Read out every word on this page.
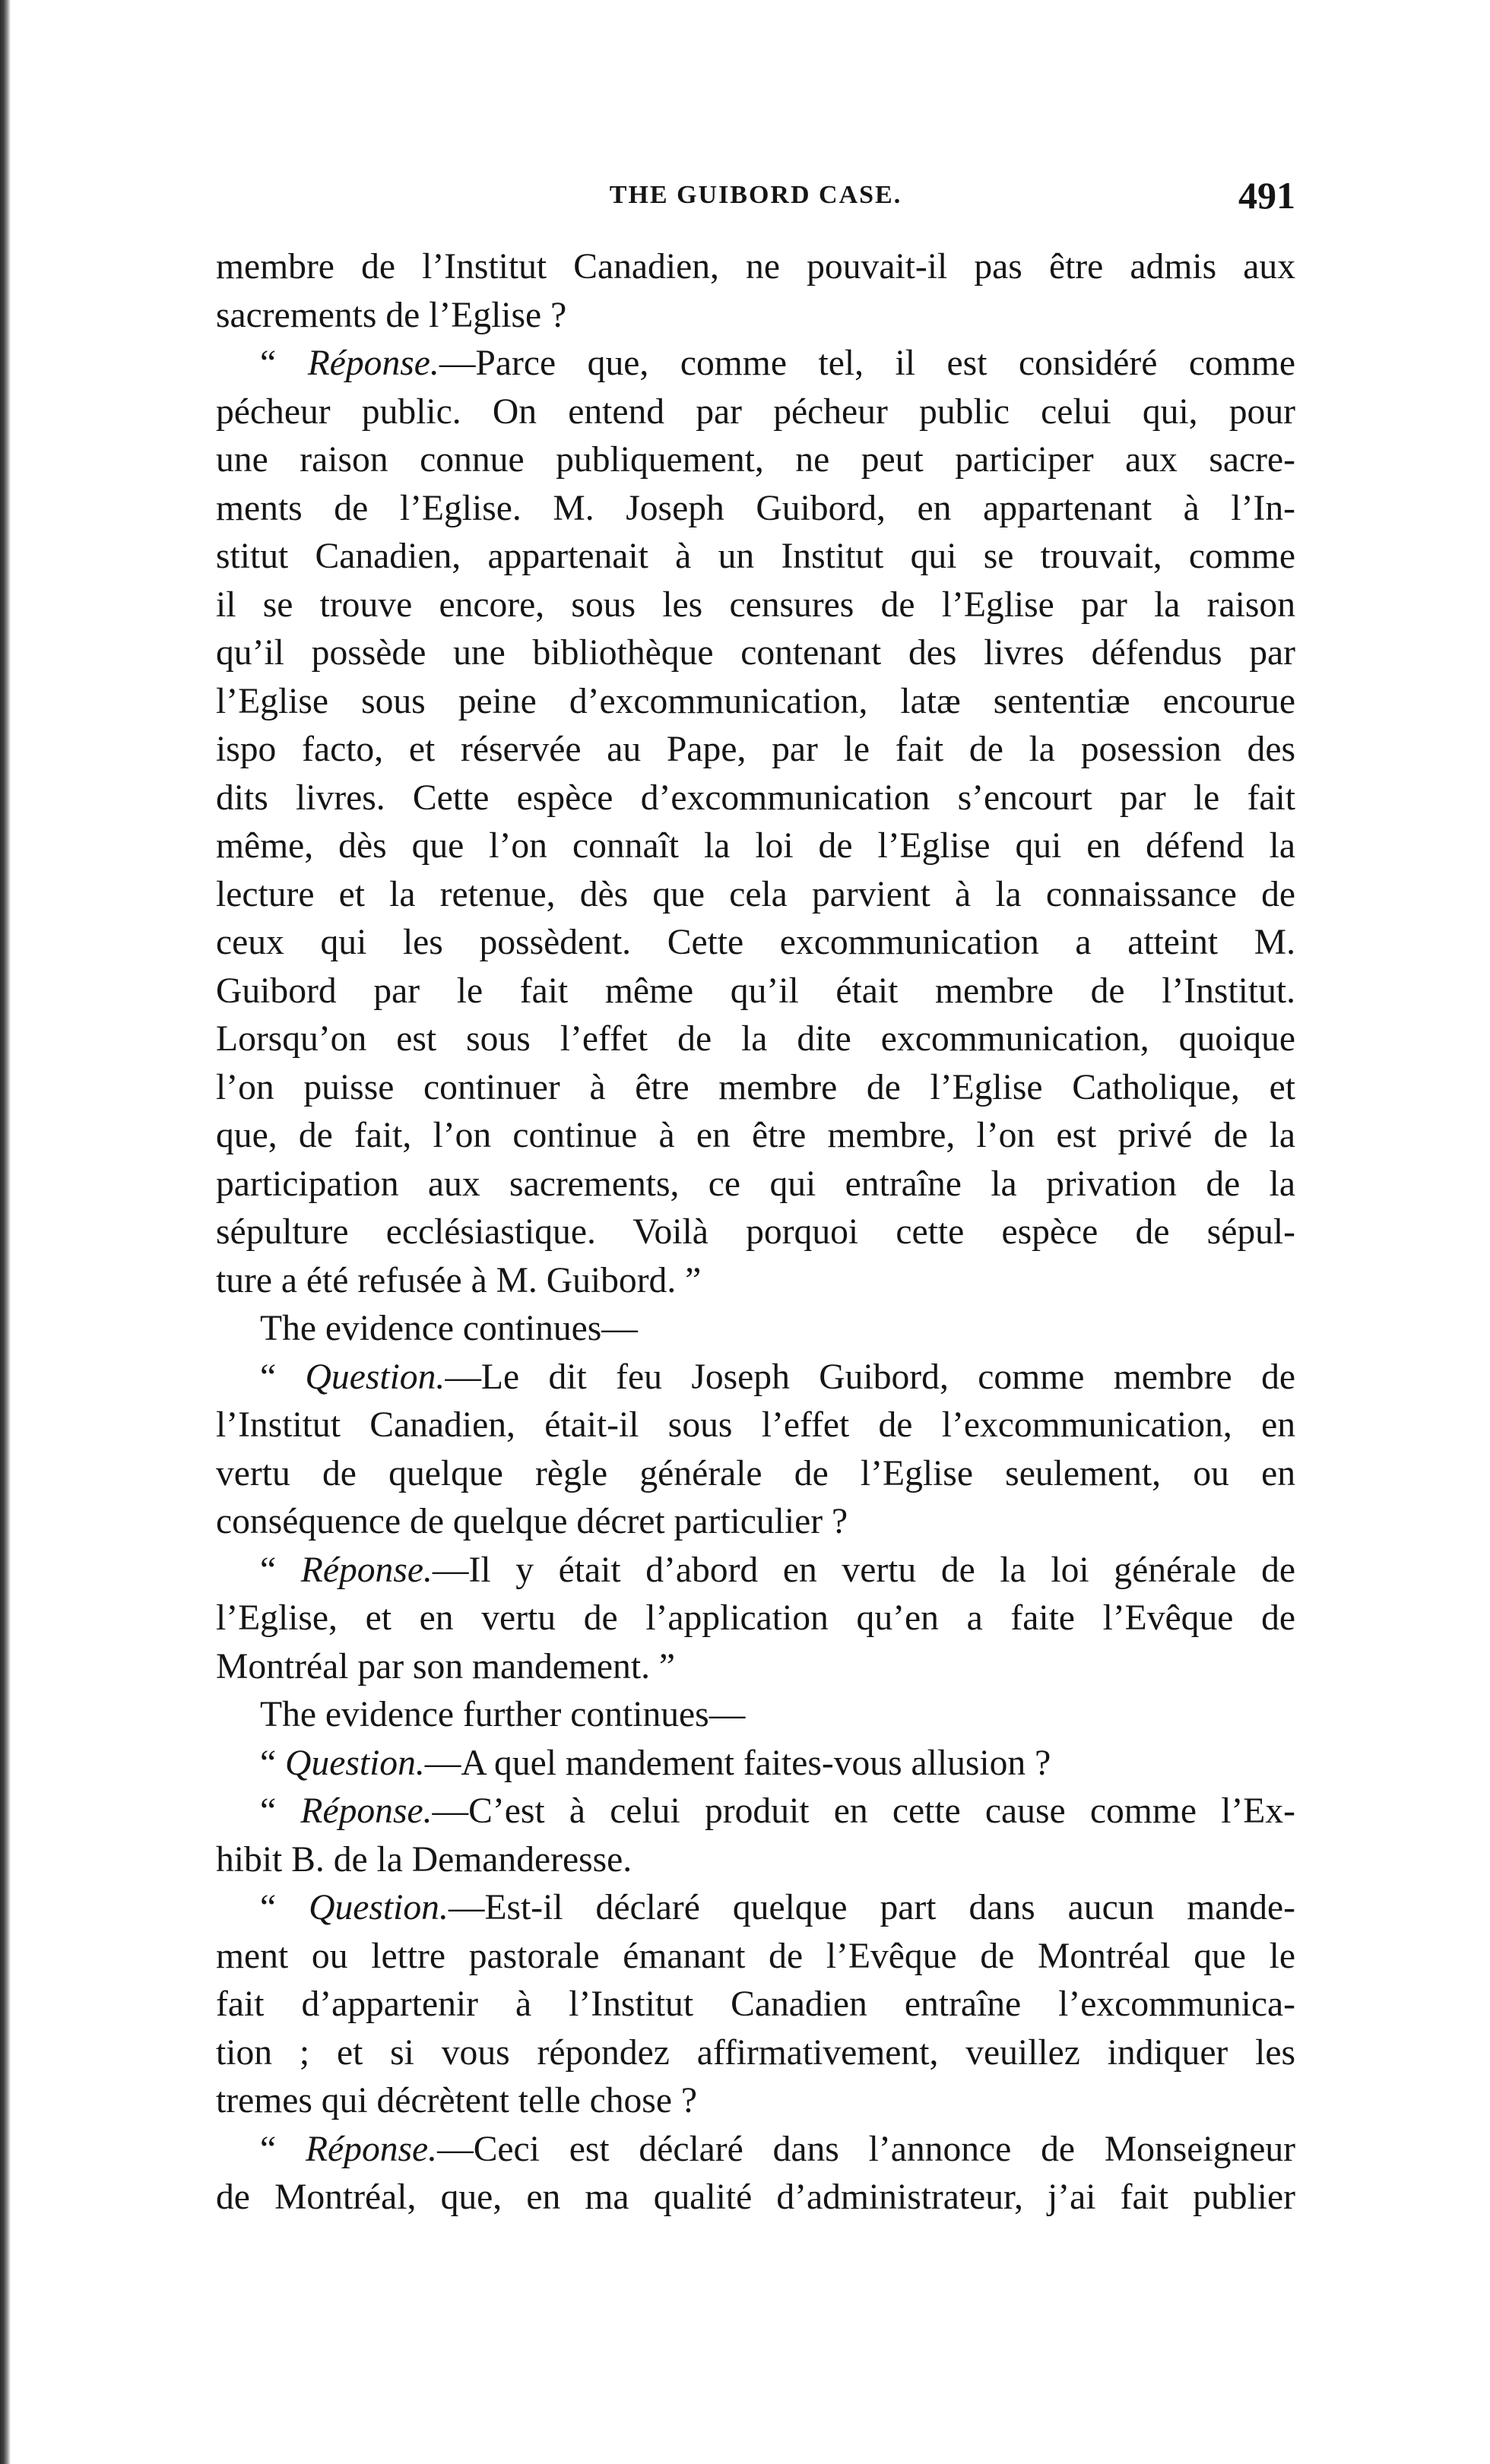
THE GUIBORD CASE.	491
membre de l’Institut Canadien, ne pouvait-il pas être admis aux
sacrements de l’Eglise ?
“ Réponse.—Parce que, comme tel, il est considéré comme
pécheur public. On entend par pécheur public celui qui, pour
une raison connue publiquement, ne peut participer aux sacre-
ments de l’Eglise. M. Joseph Guibord, en appartenant à l’In-
stitut Canadien, appartenait à un Institut qui se trouvait, comme
il se trouve encore, sous les censures de l’Eglise par la raison
qu’il possède une bibliothèque contenant des livres défendus par
l’Eglise sous peine d’excommunication, latæ sententiæ encourue
ispo facto, et réservée au Pape, par le fait de la posession des
dits livres. Cette espèce d’excommunication s’encourt par le fait
même, dès que l’on connaît la loi de l’Eglise qui en défend la
lecture et la retenue, dès que cela parvient à la connaissance de
ceux qui les possèdent. Cette excommunication a atteint M.
Guibord par le fait même qu’il était membre de l’Institut.
Lorsqu’on est sous l’effet de la dite excommunication, quoique
l’on puisse continuer à être membre de l’Eglise Catholique, et
que, de fait, l’on continue à en être membre, l’on est privé de la
participation aux sacrements, ce qui entraîne la privation de la
sépulture ecclésiastique. Voilà porquoi cette espèce de sépul-
ture a été refusée à M. Guibord. ”
The evidence continues—
“ Question.—Le dit feu Joseph Guibord, comme membre de
l’Institut Canadien, était-il sous l’effet de l’excommunication, en
vertu de quelque règle générale de l’Eglise seulement, ou en
conséquence de quelque décret particulier ?
“ Réponse.—Il y était d’abord en vertu de la loi générale de
l’Eglise, et en vertu de l’application qu’en a faite l’Evêque de
Montréal par son mandement. ”
The evidence further continues—
“ Question.—A quel mandement faites-vous allusion ?
“ Réponse.—C’est à celui produit en cette cause comme l’Ex-
hibit B. de la Demanderesse.
“ Question.—Est-il déclaré quelque part dans aucun mande-
ment ou lettre pastorale émanant de l’Evêque de Montréal que le
fait d’appartenir à l’Institut Canadien entraîne l’excommunica-
tion ; et si vous répondez affirmativement, veuillez indiquer les
tremes qui décrètent telle chose ?
“ Réponse.—Ceci est déclaré dans l’annonce de Monseigneur
de Montréal, que, en ma qualité d’administrateur, j’ai fait publier
